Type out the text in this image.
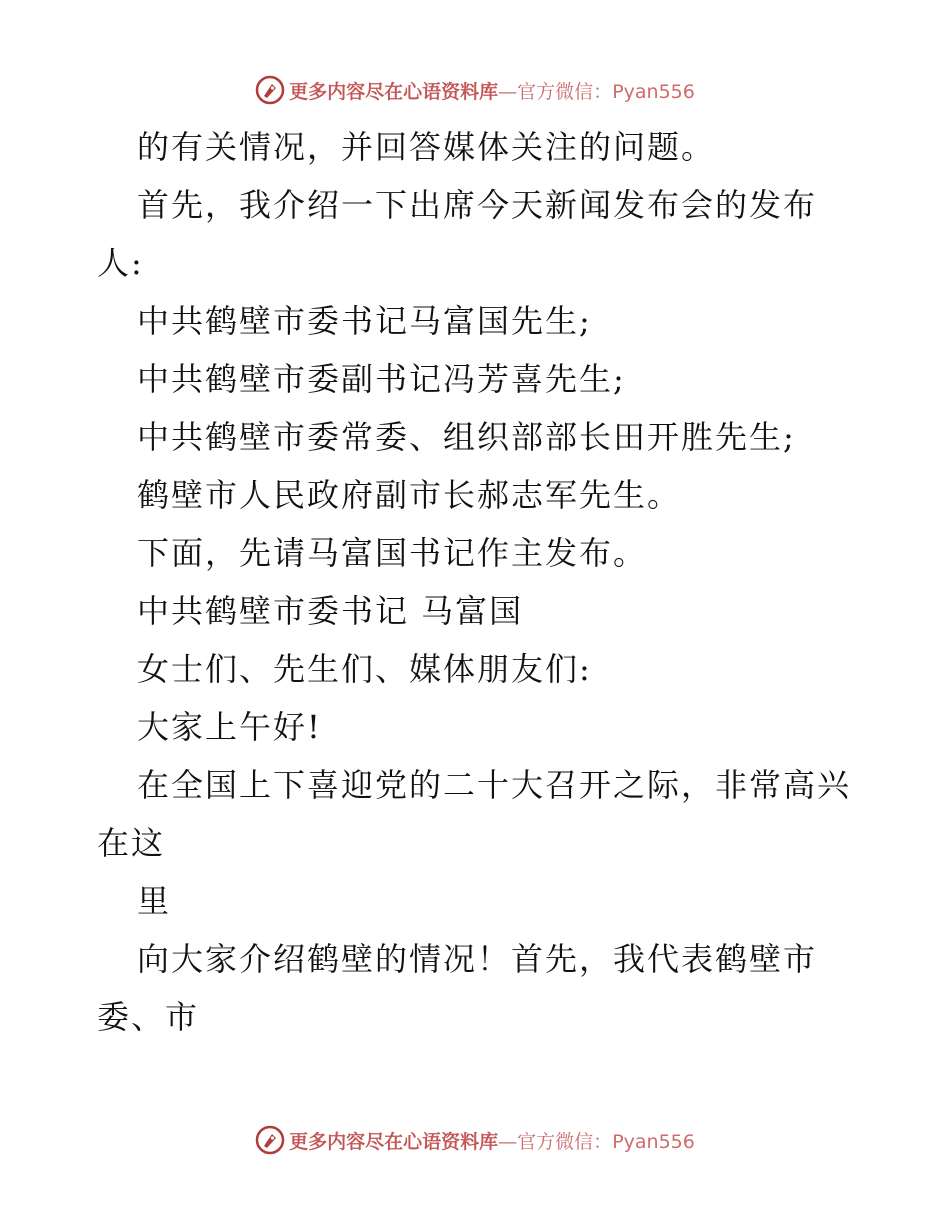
更多内容尽在心语资料库—官方微信：Pyan556
的有关情况，并回答媒体关注的问题。
首先，我介绍一下出席今天新闻发布会的发布
人:
中共鹤壁市委书记马富国先生;
中共鹤壁市委副书记冯芳喜先生;
中共鹤壁市委常委、组织部部长田开胜先生;
鹤壁市人民政府副市长郝志军先生。
下面，先请马富国书记作主发布。
中共鹤壁市委书记 马富国
女士们、先生们、媒体朋友们:
大家上午好!
在全国上下喜迎党的二十大召开之际，非常高兴
在这
里
向大家介绍鹤壁的情况！首先，我代表鹤壁市
委、市
更多内容尽在心语资料库—官方微信：Pyan556
